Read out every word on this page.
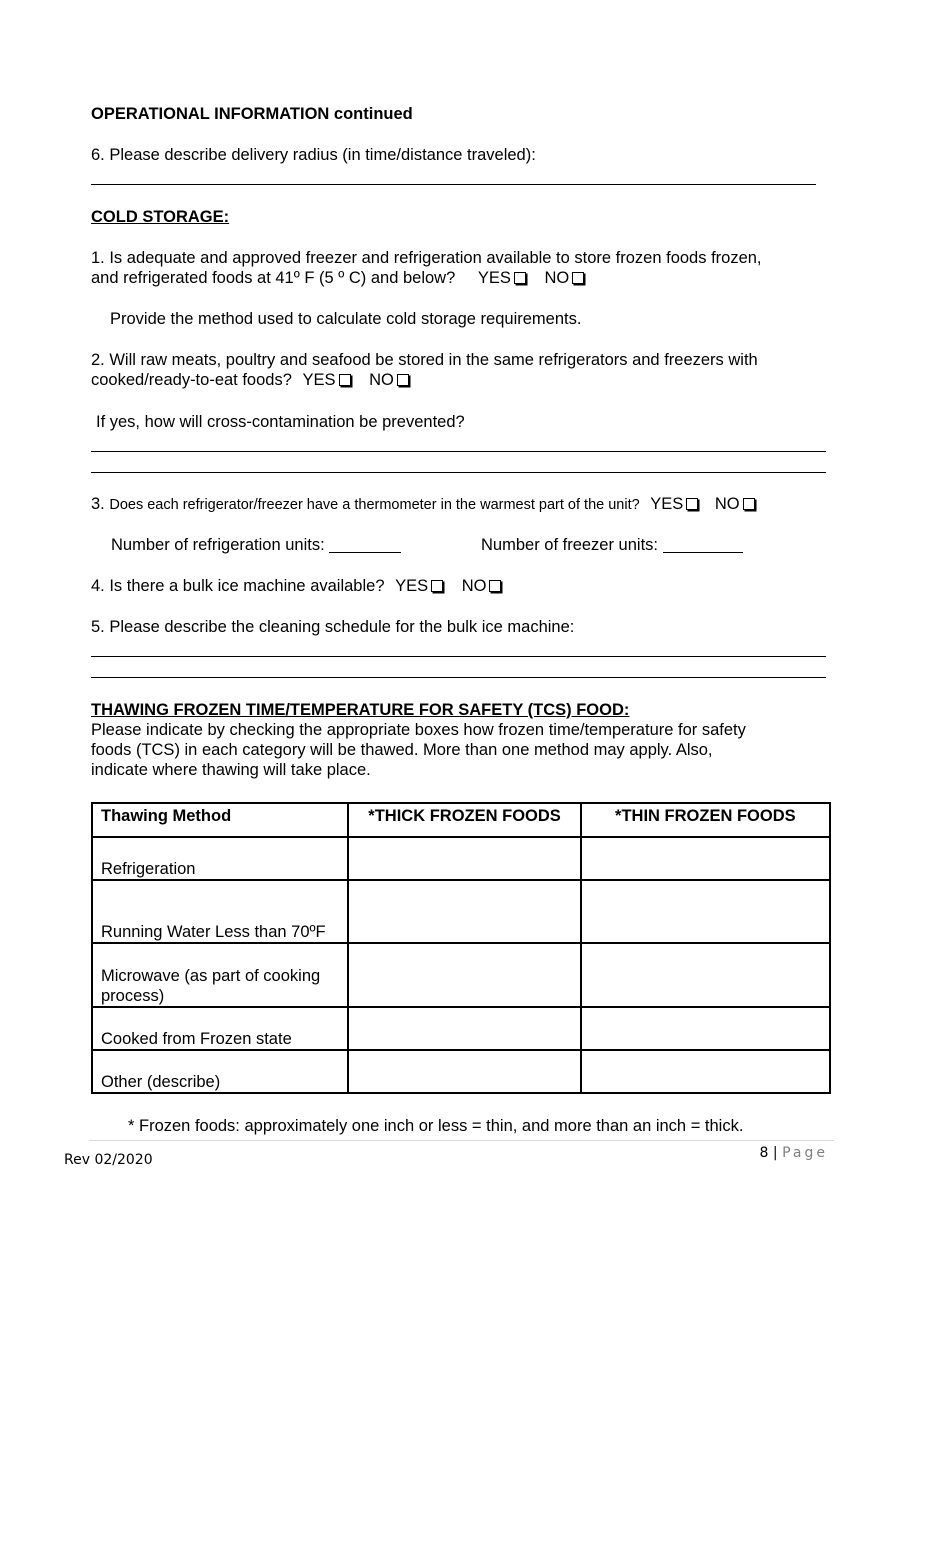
OPERATIONAL INFORMATION continued
6. Please describe delivery radius (in time/distance traveled):
COLD STORAGE:
1. Is adequate and approved freezer and refrigeration available to store frozen foods frozen,
and refrigerated foods at 41º F (5 º C) and below? YES NO
Provide the method used to calculate cold storage requirements.
2. Will raw meats, poultry and seafood be stored in the same refrigerators and freezers with
cooked/ready-to-eat foods? YES NO
If yes, how will cross-contamination be prevented?
3. Does each refrigerator/freezer have a thermometer in the warmest part of the unit? YES NO
Number of refrigeration units:	Number of freezer units:
4. Is there a bulk ice machine available? YES NO
5. Please describe the cleaning schedule for the bulk ice machine:
THAWING FROZEN TIME/TEMPERATURE FOR SAFETY (TCS) FOOD:
Please indicate by checking the appropriate boxes how frozen time/temperature for safety
foods (TCS) in each category will be thawed. More than one method may apply. Also,
indicate where thawing will take place.
Thawing Method	*THICK FROZEN FOODS	*THIN FROZEN FOODS
Refrigeration		
Running Water Less than 70ºF		
Microwave (as part of cooking process)		
Cooked from Frozen state		
Other (describe)		
* Frozen foods: approximately one inch or less = thin, and more than an inch = thick.
Rev 02/2020	8 | Page
